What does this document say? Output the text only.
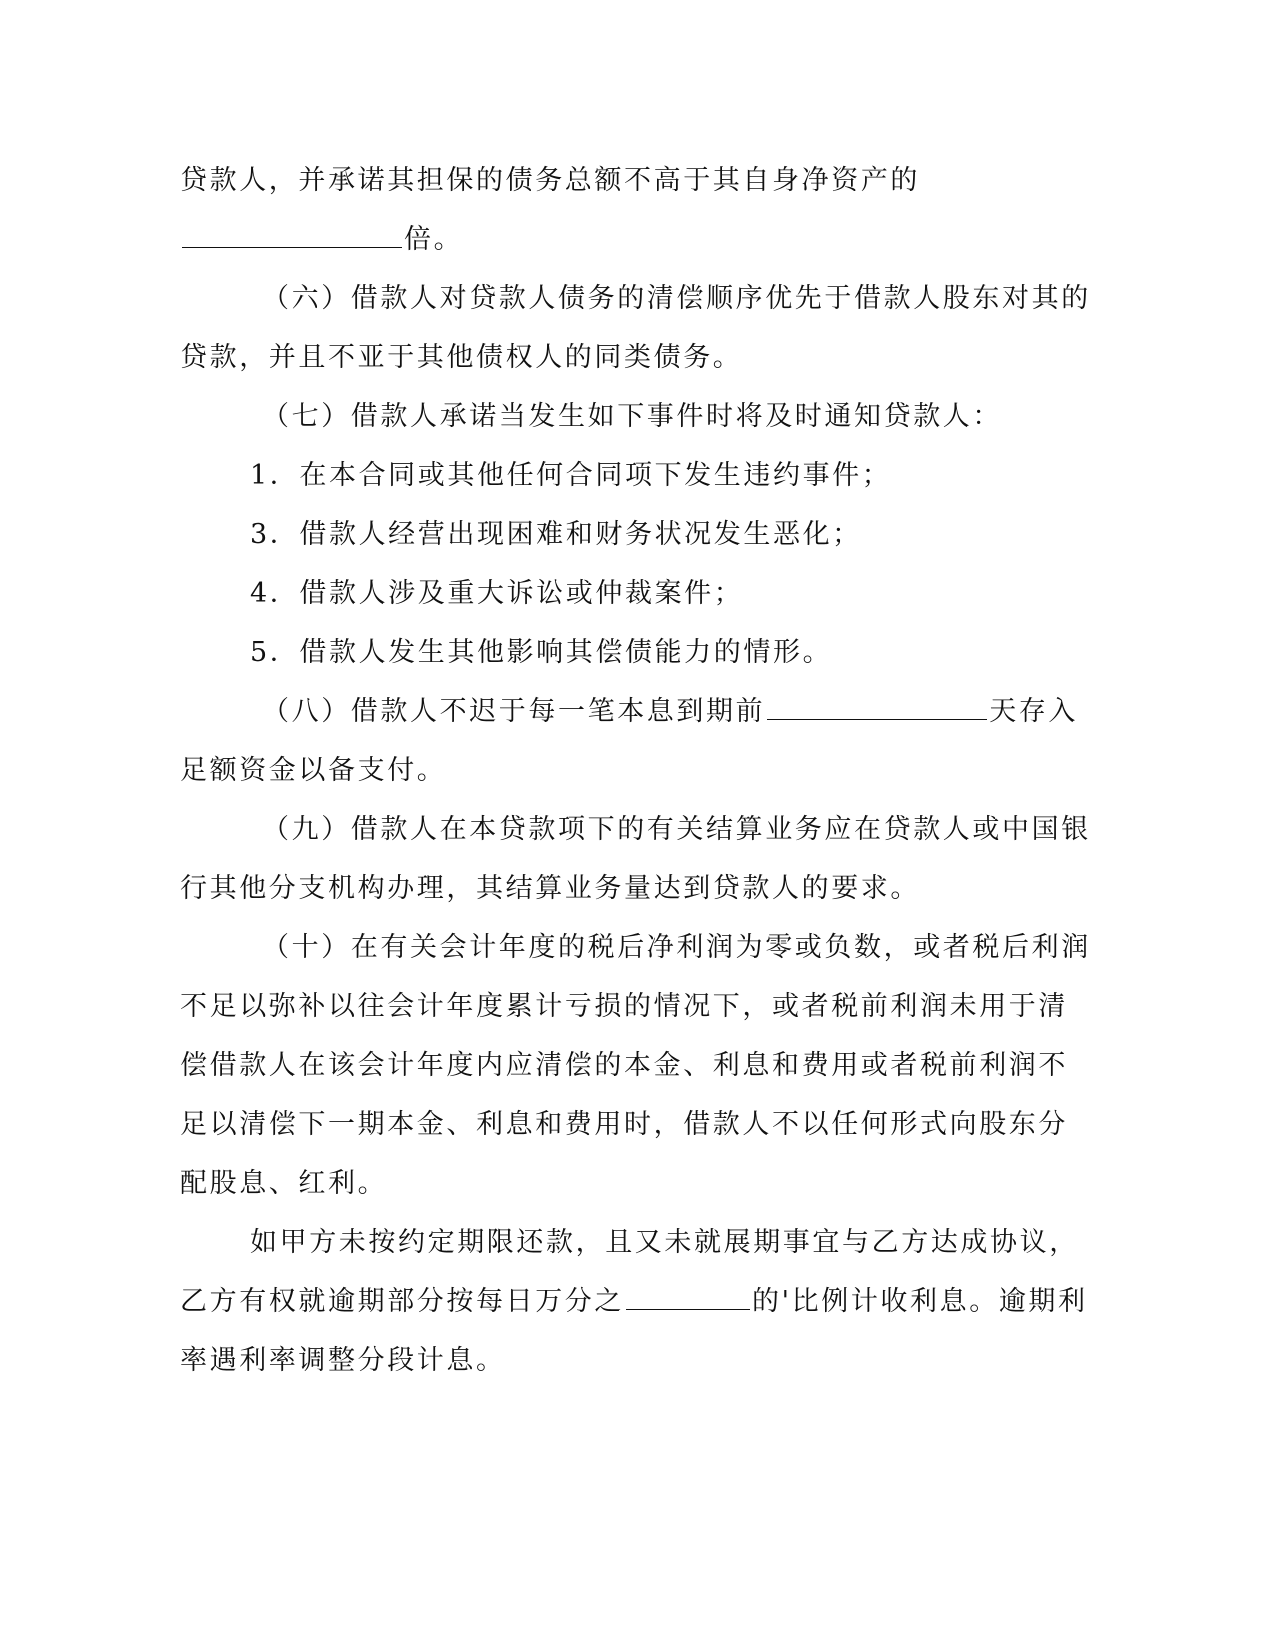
贷款人，并承诺其担保的债务总额不高于其自身净资产的
倍。
（六）借款人对贷款人债务的清偿顺序优先于借款人股东对其的
贷款，并且不亚于其他债权人的同类债务。
（七）借款人承诺当发生如下事件时将及时通知贷款人：
1．在本合同或其他任何合同项下发生违约事件；
3．借款人经营出现困难和财务状况发生恶化；
4．借款人涉及重大诉讼或仲裁案件；
5．借款人发生其他影响其偿债能力的情形。
（八）借款人不迟于每一笔本息到期前	天存入
足额资金以备支付。
（九）借款人在本贷款项下的有关结算业务应在贷款人或中国银
行其他分支机构办理，其结算业务量达到贷款人的要求。
（十）在有关会计年度的税后净利润为零或负数，或者税后利润
不足以弥补以往会计年度累计亏损的情况下，或者税前利润未用于清
偿借款人在该会计年度内应清偿的本金、利息和费用或者税前利润不
足以清偿下一期本金、利息和费用时，借款人不以任何形式向股东分
配股息、红利。
如甲方未按约定期限还款，且又未就展期事宜与乙方达成协议，
乙方有权就逾期部分按每日万分之	的'比例计收利息。逾期利
率遇利率调整分段计息。
